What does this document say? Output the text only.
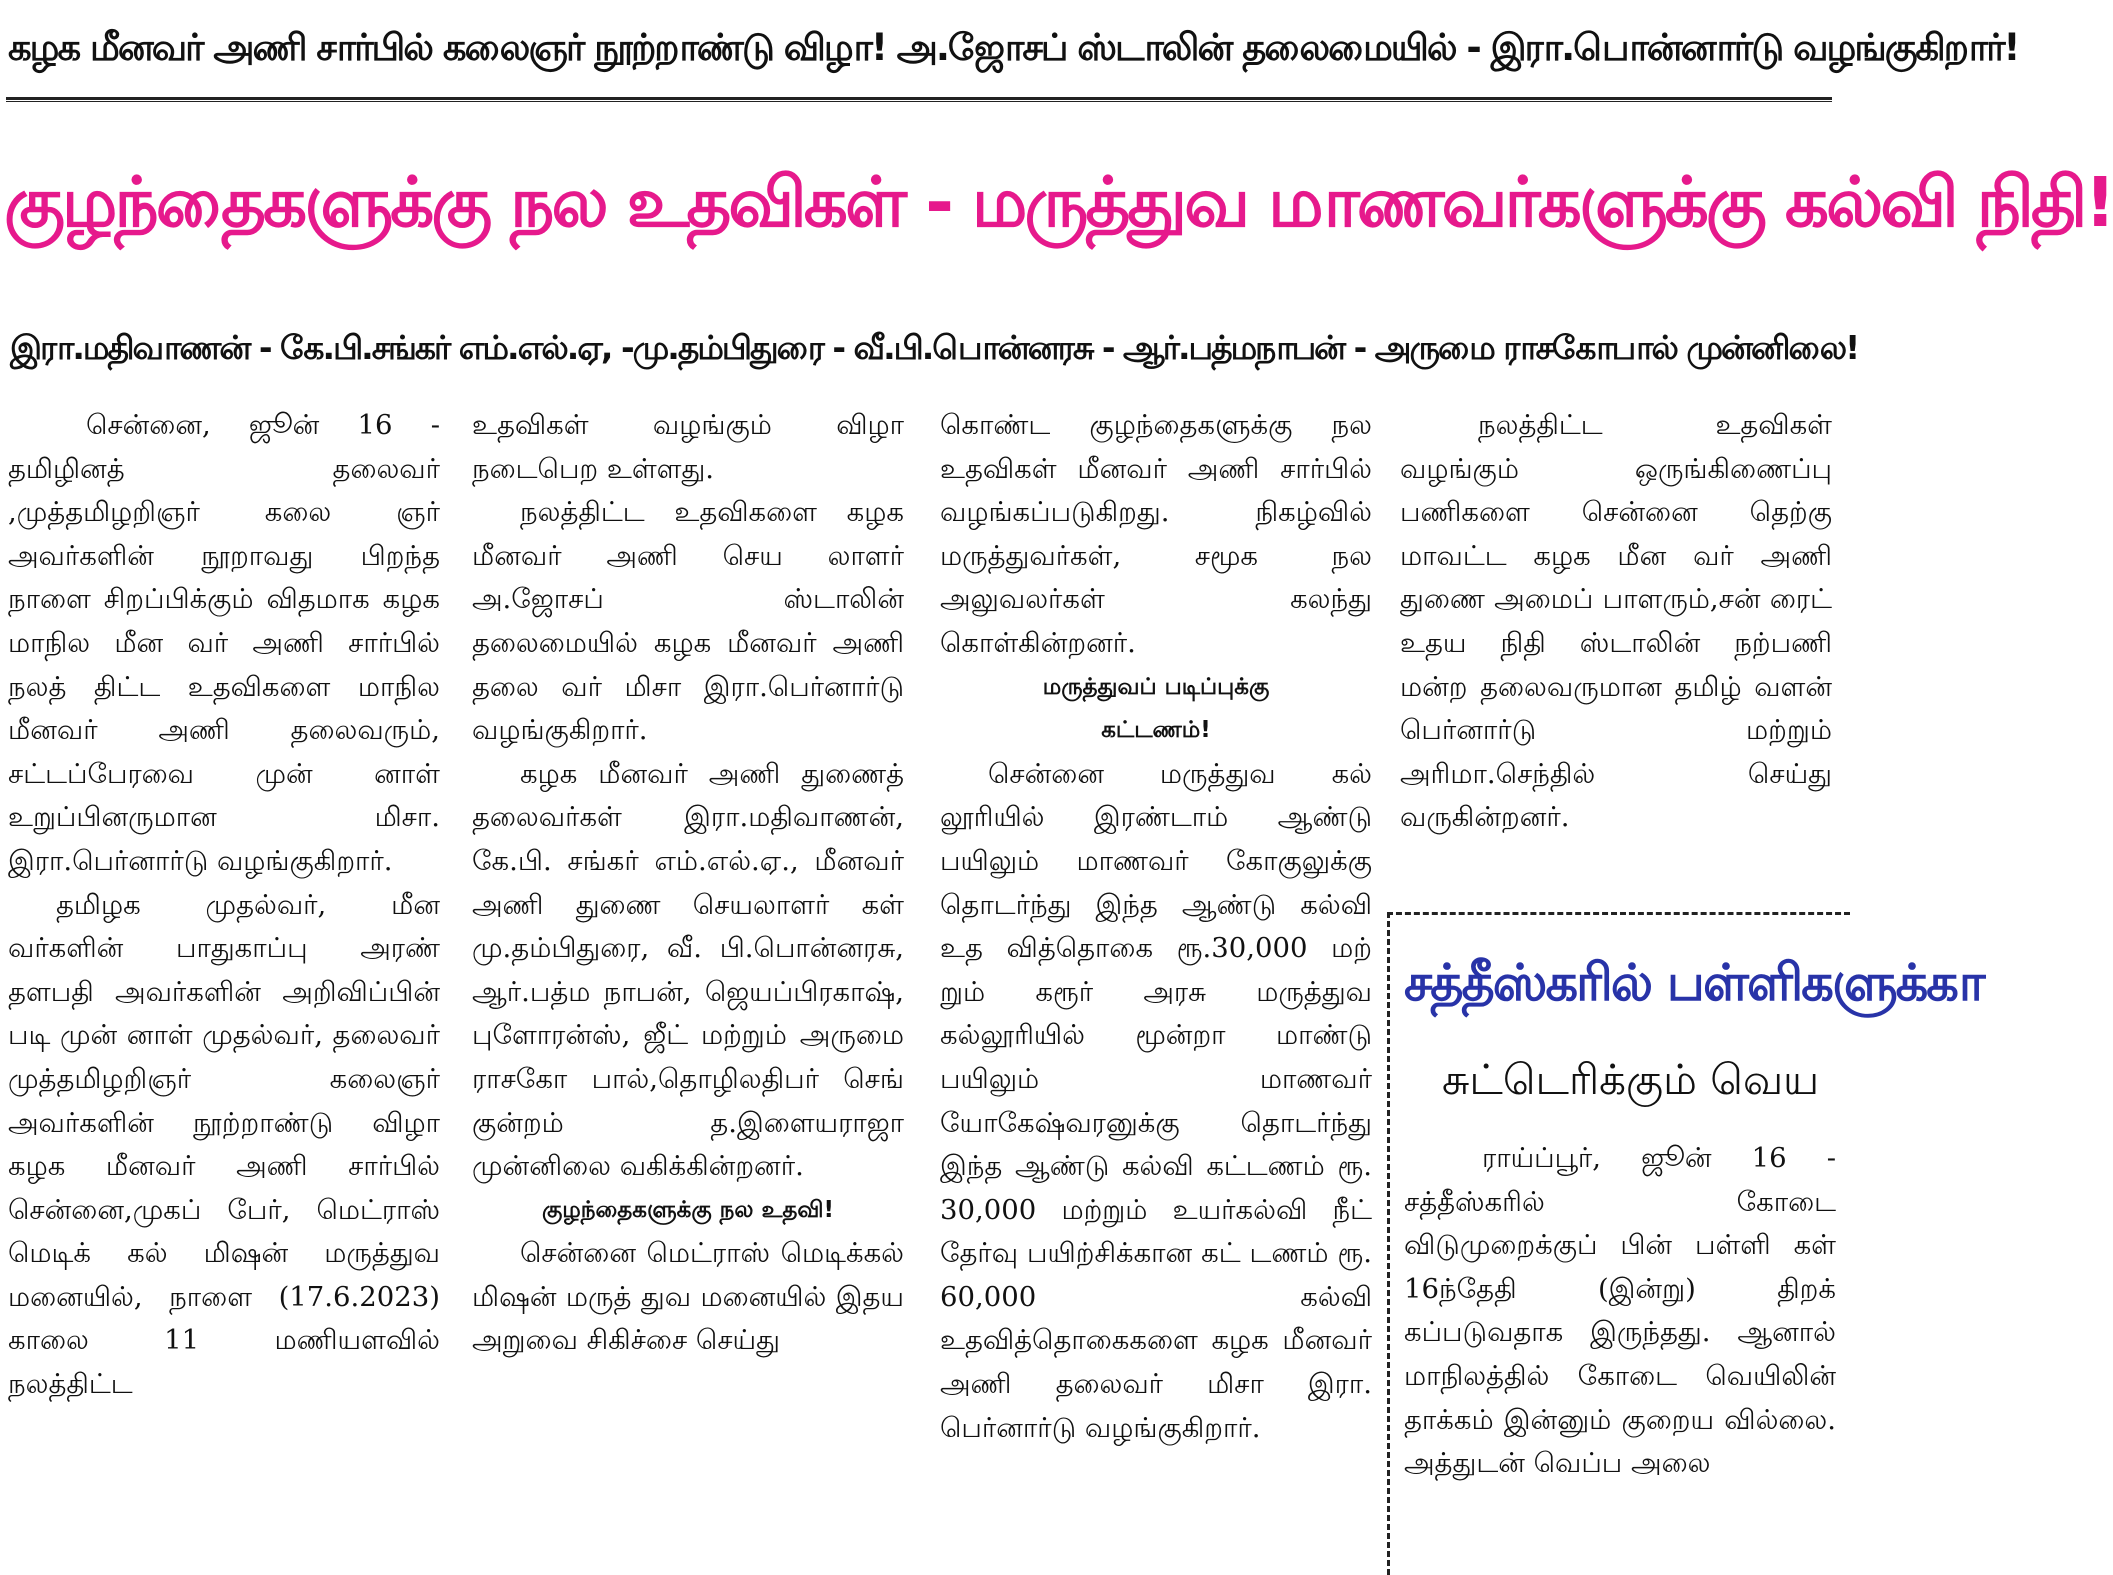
கழக மீனவர் அணி சார்பில் கலைஞர் நூற்றாண்டு விழா! அ.ஜோசப் ஸ்டாலின் தலைமையில் - இரா.பொன்னார்டு வழங்குகிறார்!
குழந்தைகளுக்கு நல உதவிகள் - மருத்துவ மாணவர்களுக்கு கல்வி நிதி!
இரா.மதிவாணன் - கே.பி.சங்கர் எம்.எல்.ஏ, -மு.தம்பிதுரை - வீ.பி.பொன்னரசு - ஆர்.பத்மநாபன் - அருமை ராசகோபால் முன்னிலை!

சென்னை, ஜூன் 16 - தமிழினத் தலைவர் ,முத்தமிழறிஞர் கலை ஞர் அவர்களின் நூறாவது பிறந்த நாளை சிறப்பிக்கும் விதமாக கழக மாநில மீன வர் அணி சார்பில் நலத் திட்ட உதவிகளை மாநில மீனவர் அணி தலைவரும், சட்டப்பேரவை முன் னாள் உறுப்பினருமான மிசா. இரா.பெர்னார்டு வழங்குகிறார்.

தமிழக முதல்வர், மீன வர்களின் பாதுகாப்பு அரண் தளபதி அவர்களின் அறிவிப்பின் படி முன் னாள் முதல்வர், தலைவர் முத்தமிழறிஞர் கலைஞர் அவர்களின் நூற்றாண்டு விழா கழக மீனவர் அணி சார்பில் சென்னை,முகப் பேர், மெட்ராஸ் மெடிக் கல் மிஷன் மருத்துவ மனையில், நாளை (17.6.2023) காலை 11 மணியளவில் நலத்திட்ட

உதவிகள் வழங்கும் விழா நடைபெற உள்ளது.

நலத்திட்ட உதவிகளை கழக மீனவர் அணி செய லாளர் அ.ஜோசப் ஸ்டாலின் தலைமையில் கழக மீனவர் அணி தலை வர் மிசா இரா.பெர்னார்டு வழங்குகிறார்.

கழக மீனவர் அணி துணைத் தலைவர்கள் இரா.மதிவாணன், கே.பி. சங்கர் எம்.எல்.ஏ., மீனவர் அணி துணை செயலாளர் கள் மு.தம்பிதுரை, வீ. பி.பொன்னரசு, ஆர்.பத்ம நாபன், ஜெயப்பிரகாஷ், புளோரன்ஸ், ஜீட் மற்றும் அருமை ராசகோ பால்,தொழிலதிபர் செங் குன்றம் த.இளையராஜா முன்னிலை வகிக்கின்றனர்.

குழந்தைகளுக்கு நல உதவி!

சென்னை மெட்ராஸ் மெடிக்கல் மிஷன் மருத் துவ மனையில் இதய அறுவை சிகிச்சை செய்து

கொண்ட குழந்தைகளுக்கு நல உதவிகள் மீனவர் அணி சார்பில் வழங்கப்படுகிறது. நிகழ்வில் மருத்துவர்கள், சமூக நல அலுவலர்கள் கலந்து கொள்கின்றனர்.

மருத்துவப் படிப்புக்கு

கட்டணம்!

சென்னை மருத்துவ கல் லூரியில் இரண்டாம் ஆண்டு பயிலும் மாணவர் கோகுலுக்கு தொடர்ந்து இந்த ஆண்டு கல்வி உத வித்தொகை ரூ.30,000 மற் றும் கரூர் அரசு மருத்துவ கல்லூரியில் மூன்றா மாண்டு பயிலும் மாணவர் யோகேஷ்வரனுக்கு தொடர்ந்து இந்த ஆண்டு கல்வி கட்டணம் ரூ. 30,000 மற்றும் உயர்கல்வி நீட் தேர்வு பயிற்சிக்கான கட் டணம் ரூ. 60,000 கல்வி உதவித்தொகைகளை கழக மீனவர் அணி தலைவர் மிசா இரா. பெர்னார்டு வழங்குகிறார்.

நலத்திட்ட உதவிகள் வழங்கும் ஒருங்கிணைப்பு பணிகளை சென்னை தெற்கு மாவட்ட கழக மீன வர் அணி துணை அமைப் பாளரும்,சன் ரைட் உதய நிதி ஸ்டாலின் நற்பணி மன்ற தலைவருமான தமிழ் வளன் பெர்னார்டு மற்றும் அரிமா.செந்தில் செய்து வருகின்றனர்.

சத்தீஸ்கரில் பள்ளிகளுக்கா
சுட்டெரிக்கும் வெய

ராய்ப்பூர், ஜூன் 16 - சத்தீஸ்கரில் கோடை விடுமுறைக்குப் பின் பள்ளி கள் 16ந்தேதி (இன்று) திறக் கப்படுவதாக இருந்தது. ஆனால் மாநிலத்தில் கோடை வெயிலின் தாக்கம் இன்னும் குறைய வில்லை. அத்துடன் வெப்ப அலை
